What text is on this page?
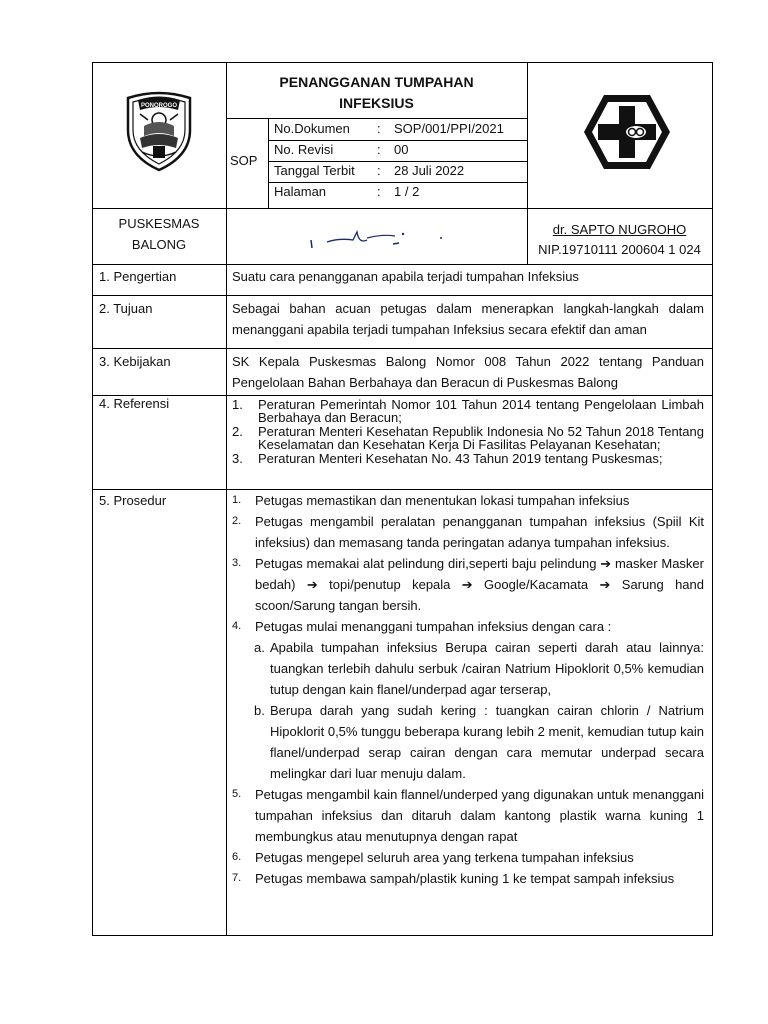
PONOROGO
PENANGGANAN TUMPAHAN
INFEKSIUS
SOP
No.Dokumen : SOP/001/PPI/2021
No. Revisi	: 00
Tanggal Terbit : 28 Juli 2022
Halaman	: 1 / 2
PUSKESMAS
BALONG
dr. SAPTO NUGROHO
NIP.19710111 200604 1 024
1. Pengertian	Suatu cara penangganan apabila terjadi tumpahan Infeksius
2. Tujuan	Sebagai bahan acuan petugas dalam menerapkan langkah-langkah dalam menanggani apabila terjadi tumpahan Infeksius secara efektif dan aman
3. Kebijakan	SK Kepala Puskesmas Balong Nomor 008 Tahun 2022 tentang Panduan Pengelolaan Bahan Berbahaya dan Beracun di Puskesmas Balong
4. Referensi	1. Peraturan Pemerintah Nomor 101 Tahun 2014 tentang Pengelolaan Limbah Berbahaya dan Beracun;
2. Peraturan Menteri Kesehatan Republik Indonesia No 52 Tahun 2018 Tentang Keselamatan dan Kesehatan Kerja Di Fasilitas Pelayanan Kesehatan;
3. Peraturan Menteri Kesehatan No. 43 Tahun 2019 tentang Puskesmas;
5. Prosedur	1. Petugas memastikan dan menentukan lokasi tumpahan infeksius
2. Petugas mengambil peralatan penangganan tumpahan infeksius (Spiil Kit infeksius) dan memasang tanda peringatan adanya tumpahan infeksius.
3. Petugas memakai alat pelindung diri,seperti baju pelindung ➔ masker Masker bedah) ➔ topi/penutup kepala ➔ Google/Kacamata ➔ Sarung hand scoon/Sarung tangan bersih.
4. Petugas mulai menanggani tumpahan infeksius dengan cara :
a. Apabila tumpahan infeksius Berupa cairan seperti darah atau lainnya: tuangkan terlebih dahulu serbuk /cairan Natrium Hipoklorit 0,5% kemudian tutup dengan kain flanel/underpad agar terserap,
b. Berupa darah yang sudah kering : tuangkan cairan chlorin / Natrium Hipoklorit 0,5% tunggu beberapa kurang lebih 2 menit, kemudian tutup kain flanel/underpad serap cairan dengan cara memutar underpad secara melingkar dari luar menuju dalam.
5. Petugas mengambil kain flannel/underped yang digunakan untuk menanggani tumpahan infeksius dan ditaruh dalam kantong plastik warna kuning 1 membungkus atau menutupnya dengan rapat
6. Petugas mengepel seluruh area yang terkena tumpahan infeksius
7. Petugas membawa sampah/plastik kuning 1 ke tempat sampah infeksius
